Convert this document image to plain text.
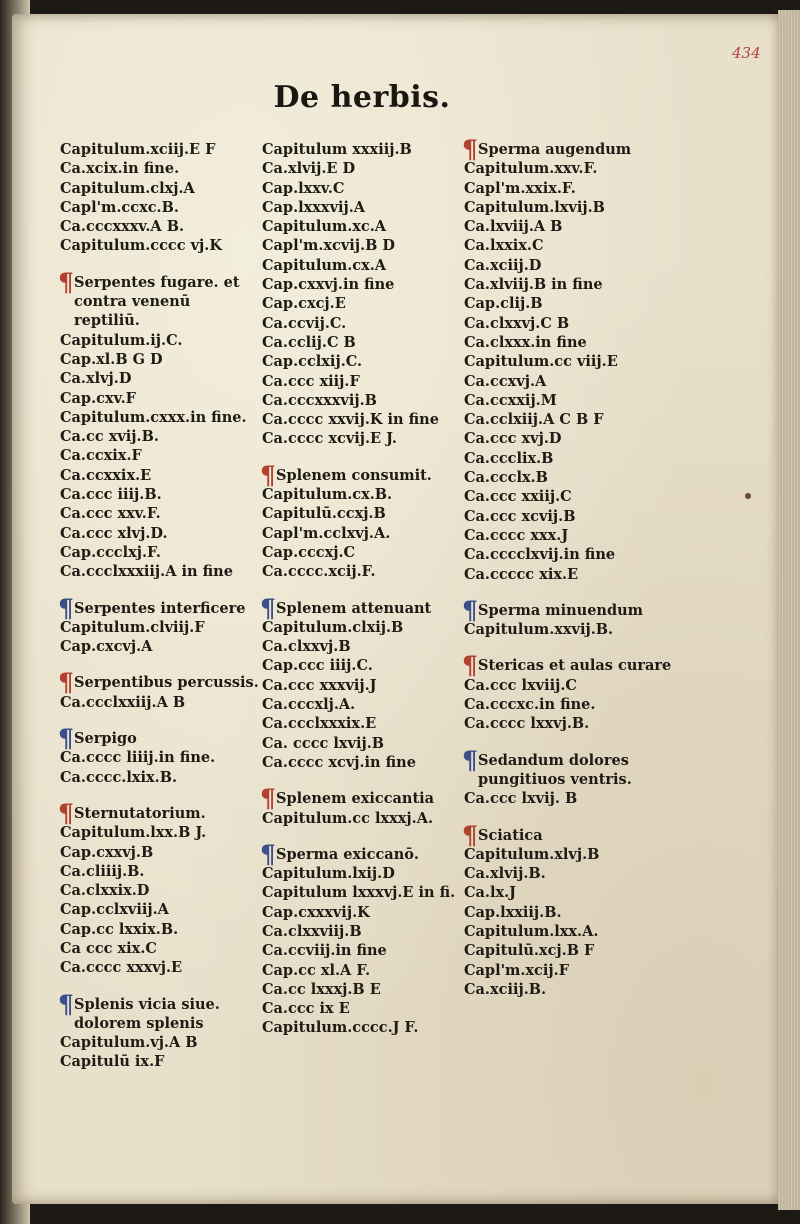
434
De herbis.
Capitulum.xciij.E F
Ca.xcix.in fine.
Capitulum.clxj.A
Capl'm.ccxc.B.
Ca.cccxxxv.A B.
Capitulum.cccc vj.K
¶ Serpentes fugare. et
contra venenū reptiliū.
Capitulum.ij.C.
Cap.xl.B G D
Ca.xlvj.D
Cap.cxv.F
Capitulum.cxxx.in fine.
Ca.cc xvij.B.
Ca.ccxix.F
Ca.ccxxix.E
Ca.ccc iiij.B.
Ca.ccc xxv.F.
Ca.ccc xlvj.D.
Cap.ccclxj.F.
Ca.ccclxxxiij.A in fine
¶ Serpentes interficere
Capitulum.clviij.F
Cap.cxcvj.A
¶ Serpentibus percussis.
Ca.ccclxxiij.A B
¶ Serpigo
Ca.cccc liiij.in fine.
Ca.cccc.lxix.B.
¶ Sternutatorium.
Capitulum.lxx.B J.
Cap.cxxvj.B
Ca.cliiij.B.
Ca.clxxix.D
Cap.cclxviij.A
Cap.cc lxxix.B.
Ca ccc xix.C
Ca.cccc xxxvj.E
¶ Splenis vicia siue.
dolorem splenis
Capitulum.vj.A B
Capitulū ix.F
Capitulum xxxiij.B
Ca.xlvij.E D
Cap.lxxv.C
Cap.lxxxvij.A
Capitulum.xc.A
Capl'm.xcvij.B D
Capitulum.cx.A
Cap.cxxvj.in fine
Cap.cxcj.E
Ca.ccvij.C.
Ca.cclij.C B
Cap.cclxij.C.
Ca.ccc xiij.F
Ca.cccxxxvij.B
Ca.cccc xxvij.K in fine
Ca.cccc xcvij.E J.
¶ Splenem consumit.
Capitulum.cx.B.
Capitulū.ccxj.B
Capl'm.cclxvj.A.
Cap.cccxj.C
Ca.cccc.xcij.F.
¶ Splenem attenuant
Capitulum.clxij.B
Ca.clxxvj.B
Cap.ccc iiij.C.
Ca.ccc xxxvij.J
Ca.cccxlj.A.
Ca.ccclxxxix.E
Ca. cccc lxvij.B
Ca.cccc xcvj.in fine
¶ Splenem exiccantia
Capitulum.cc lxxxj.A.
¶ Sperma exiccanō.
Capitulum.lxij.D
Capitulum lxxxvj.E in fi.
Cap.cxxxvij.K
Ca.clxxviij.B
Ca.ccviij.in fine
Cap.cc xl.A F.
Ca.cc lxxxj.B E
Ca.ccc ix E
Capitulum.cccc.J F.
¶ Sperma augendum
Capitulum.xxv.F.
Capl'm.xxix.F.
Capitulum.lxvij.B
Ca.lxviij.A B
Ca.lxxix.C
Ca.xciij.D
Ca.xlviij.B in fine
Cap.clij.B
Ca.clxxvj.C B
Ca.clxxx.in fine
Capitulum.cc viij.E
Ca.ccxvj.A
Ca.ccxxij.M
Ca.cclxiij.A C B F
Ca.ccc xvj.D
Ca.ccclix.B
Ca.ccclx.B
Ca.ccc xxiij.C
Ca.ccc xcvij.B
Ca.cccc xxx.J
Ca.cccclxvij.in fine
Ca.ccccc xix.E
¶ Sperma minuendum
Capitulum.xxvij.B.
¶ Stericas et aulas curare
Ca.ccc lxviij.C
Ca.cccxc.in fine.
Ca.cccc lxxvj.B.
¶ Sedandum dolores
pungitiuos ventris.
Ca.ccc lxvij. B
¶ Sciatica
Capitulum.xlvj.B
Ca.xlvij.B.
Ca.lx.J
Cap.lxxiij.B.
Capitulum.lxx.A.
Capitulū.xcj.B F
Capl'm.xcij.F
Ca.xciij.B.
